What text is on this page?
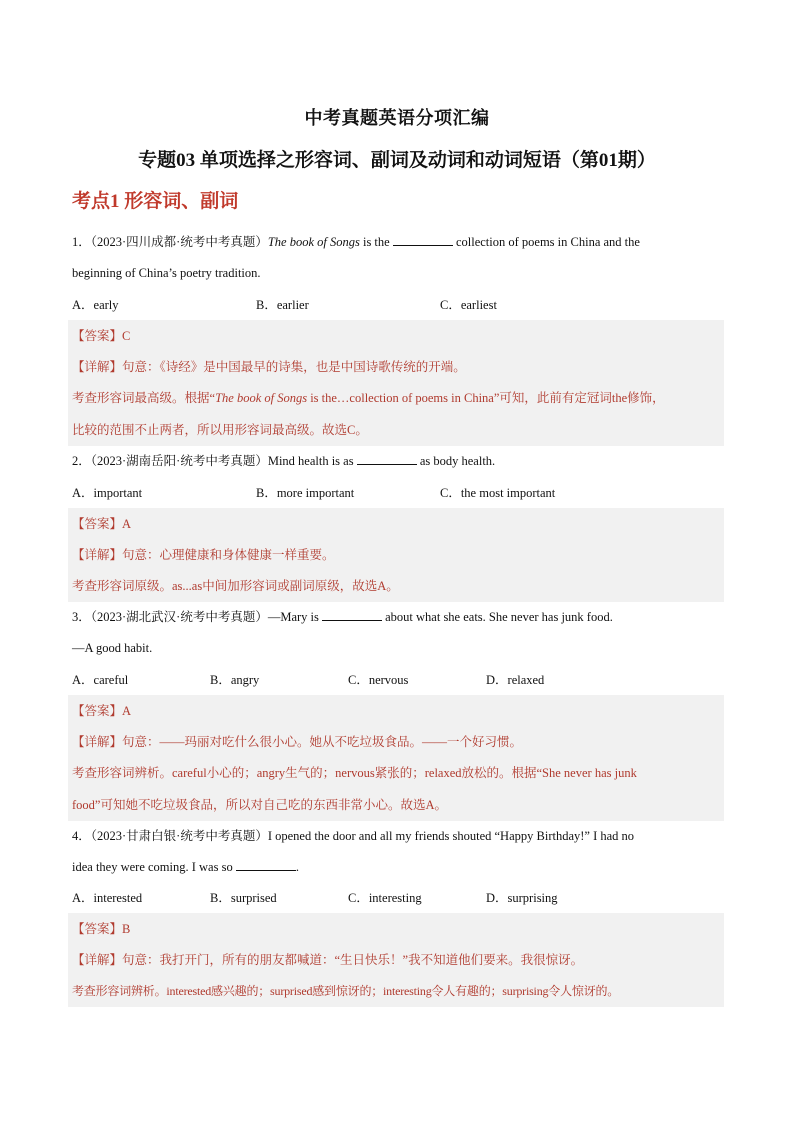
中考真题英语分项汇编
专题03 单项选择之形容词、副词及动词和动词短语（第01期）
考点1 形容词、副词
1．（2023·四川成都·统考中考真题）The book of Songs is the	collection of poems in China and the
beginning of China’s poetry tradition.
A．early	B．earlier	C．earliest
【答案】C
【详解】句意：《诗经》是中国最早的诗集，也是中国诗歌传统的开端。
考查形容词最高级。根据“The book of Songs is the…collection of poems in China”可知，此前有定冠词the修饰，
比较的范围不止两者，所以用形容词最高级。故选C。
2．（2023·湖南岳阳·统考中考真题）Mind health is as	as body health.
A．important	B．more important	C．the most important
【答案】A
【详解】句意：心理健康和身体健康一样重要。
考查形容词原级。as...as中间加形容词或副词原级，故选A。
3．（2023·湖北武汉·统考中考真题）—Mary is	about what she eats. She never has junk food.
—A good habit.
A．careful	B．angry	C．nervous	D．relaxed
【答案】A
【详解】句意：——玛丽对吃什么很小心。她从不吃垃圾食品。——一个好习惯。
考查形容词辨析。careful小心的；angry生气的；nervous紧张的；relaxed放松的。根据“She never has junk
food”可知她不吃垃圾食品，所以对自己吃的东西非常小心。故选A。
4．（2023·甘肃白银·统考中考真题）I opened the door and all my friends shouted “Happy Birthday!” I had no
idea they were coming. I was so	.
A．interested	B．surprised	C．interesting	D．surprising
【答案】B
【详解】句意：我打开门，所有的朋友都喊道：“生日快乐！”我不知道他们要来。我很惊讶。
考查形容词辨析。interested感兴趣的；surprised感到惊讶的；interesting令人有趣的；surprising令人惊讶的。
